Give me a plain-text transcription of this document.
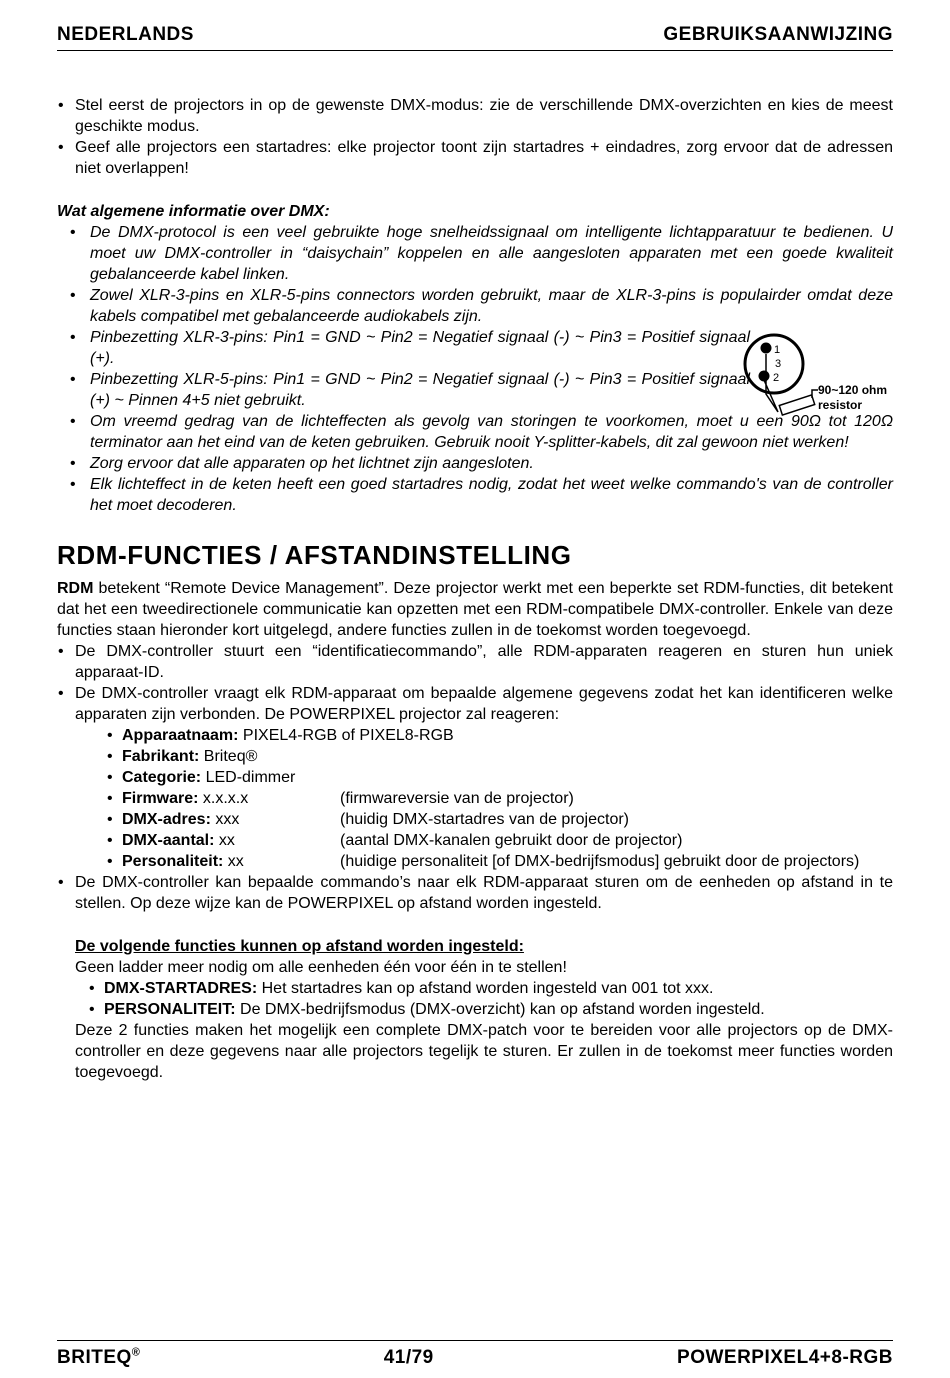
NEDERLANDS	GEBRUIKSAANWIJZING
• Stel eerst de projectors in op de gewenste DMX-modus: zie de verschillende DMX-overzichten en kies de meest geschikte modus.
• Geef alle projectors een startadres: elke projector toont zijn startadres + eindadres, zorg ervoor dat de adressen niet overlappen!
Wat algemene informatie over DMX:
• De DMX-protocol is een veel gebruikte hoge snelheidssignaal om intelligente lichtapparatuur te bedienen. U moet uw DMX-controller in “daisychain” koppelen en alle aangesloten apparaten met een goede kwaliteit gebalanceerde kabel linken.
• Zowel XLR-3-pins en XLR-5-pins connectors worden gebruikt, maar de XLR-3-pins is populairder omdat deze kabels compatibel met gebalanceerde audiokabels zijn.
• Pinbezetting XLR-3-pins: Pin1 = GND ~ Pin2 = Negatief signaal (-) ~ Pin3 = Positief signaal (+).
• Pinbezetting XLR-5-pins: Pin1 = GND ~ Pin2 = Negatief signaal (-) ~ Pin3 = Positief signaal (+) ~ Pinnen 4+5 niet gebruikt.
• Om vreemd gedrag van de lichteffecten als gevolg van storingen te voorkomen, moet u een 90Ω tot 120Ω terminator aan het eind van de keten gebruiken. Gebruik nooit Y-splitter-kabels, dit zal gewoon niet werken!
• Zorg ervoor dat alle apparaten op het lichtnet zijn aangesloten.
• Elk lichteffect in de keten heeft een goed startadres nodig, zodat het weet welke commando's van de controller het moet decoderen.
RDM-FUNCTIES / AFSTANDINSTELLING
RDM betekent “Remote Device Management”. Deze projector werkt met een beperkte set RDM-functies, dit betekent dat het een tweedirectionele communicatie kan opzetten met een RDM-compatibele DMX-controller. Enkele van deze functies staan hieronder kort uitgelegd, andere functies zullen in de toekomst worden toegevoegd.
• De DMX-controller stuurt een “identificatiecommando”, alle RDM-apparaten reageren en sturen hun uniek apparaat-ID.
• De DMX-controller vraagt elk RDM-apparaat om bepaalde algemene gegevens zodat het kan identificeren welke apparaten zijn verbonden. De POWERPIXEL projector zal reageren:
• Apparaatnaam: PIXEL4-RGB of PIXEL8-RGB
• Fabrikant: Briteq®
• Categorie: LED-dimmer
• Firmware: x.x.x.x	(firmwareversie van de projector)
• DMX-adres: xxx	(huidig DMX-startadres van de projector)
• DMX-aantal: xx	(aantal DMX-kanalen gebruikt door de projector)
• Personaliteit: xx	(huidige personaliteit [of DMX-bedrijfsmodus] gebruikt door de projectors)
• De DMX-controller kan bepaalde commando’s naar elk RDM-apparaat sturen om de eenheden op afstand in te stellen. Op deze wijze kan de POWERPIXEL op afstand worden ingesteld.
De volgende functies kunnen op afstand worden ingesteld:
Geen ladder meer nodig om alle eenheden één voor één in te stellen!
• DMX-STARTADRES: Het startadres kan op afstand worden ingesteld van 001 tot xxx.
• PERSONALITEIT: De DMX-bedrijfsmodus (DMX-overzicht) kan op afstand worden ingesteld.
Deze 2 functies maken het mogelijk een complete DMX-patch voor te bereiden voor alle projectors op de DMX-controller en deze gegevens naar alle projectors tegelijk te sturen. Er zullen in de toekomst meer functies worden toegevoegd.
1
3
2
90~120 ohm
resistor
BRITEQ®	41/79	POWERPIXEL4+8-RGB
